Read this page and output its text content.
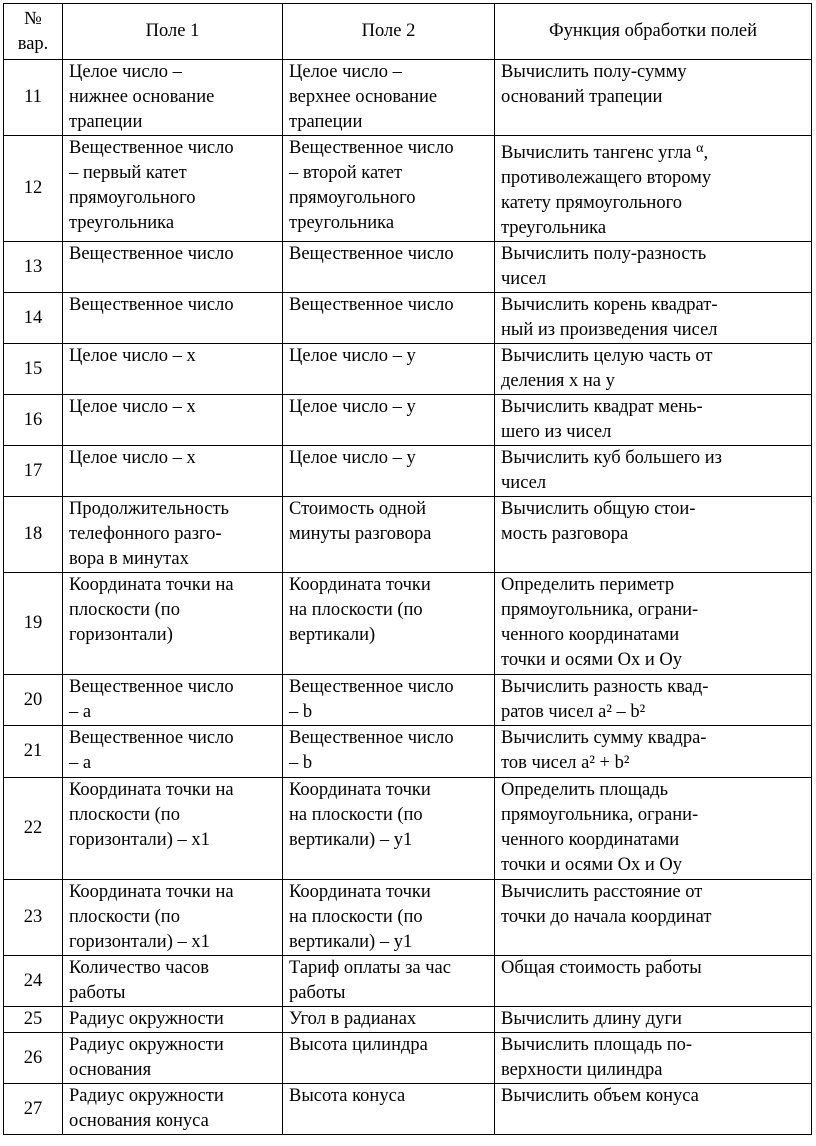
№ вар.	Поле 1	Поле 2	Функция обработки полей
11	Целое число –
нижнее основание
трапеции	Целое число –
верхнее основание
трапеции	Вычислить полу-сумму
оснований трапеции
12	Вещественное число
– первый катет
прямоугольного
треугольника	Вещественное число
– второй катет
прямоугольного
треугольника	Вычислить тангенс угла $^\alpha$,
противолежащего второму
катету прямоугольного
треугольника
13	Вещественное число	Вещественное число	Вычислить полу-разность
чисел
14	Вещественное число	Вещественное число	Вычислить корень квадрат-
ный из произведения чисел
15	Целое число – x	Целое число – y	Вычислить целую часть от
деления x на y
16	Целое число – x	Целое число – y	Вычислить квадрат мень-
шего из чисел
17	Целое число – x	Целое число – y	Вычислить куб большего из
чисел
18	Продолжительность
телефонного разго-
вора в минутах	Стоимость одной
минуты разговора	Вычислить общую стои-
мость разговора
19	Координата точки на
плоскости (по
горизонтали)	Координата точки
на плоскости (по
вертикали)	Определить периметр
прямоугольника, ограни-
ченного координатами
точки и осями Ox и Oy
20	Вещественное число
– a	Вещественное число
– b	Вычислить разность квад-
ратов чисел a² – b²
21	Вещественное число
– a	Вещественное число
– b	Вычислить сумму квадра-
тов чисел a² + b²
22	Координата точки на
плоскости (по
горизонтали) – x1	Координата точки
на плоскости (по
вертикали) – y1	Определить площадь
прямоугольника, ограни-
ченного координатами
точки и осями Ox и Oy
23	Координата точки на
плоскости (по
горизонтали) – x1	Координата точки
на плоскости (по
вертикали) – y1	Вычислить расстояние от
точки до начала координат
24	Количество часов
работы	Тариф оплаты за час
работы	Общая стоимость работы
25	Радиус окружности	Угол в радианах	Вычислить длину дуги
26	Радиус окружности
основания	Высота цилиндра	Вычислить площадь по-
верхности цилиндра
27	Радиус окружности
основания конуса	Высота конуса	Вычислить объем конуса
